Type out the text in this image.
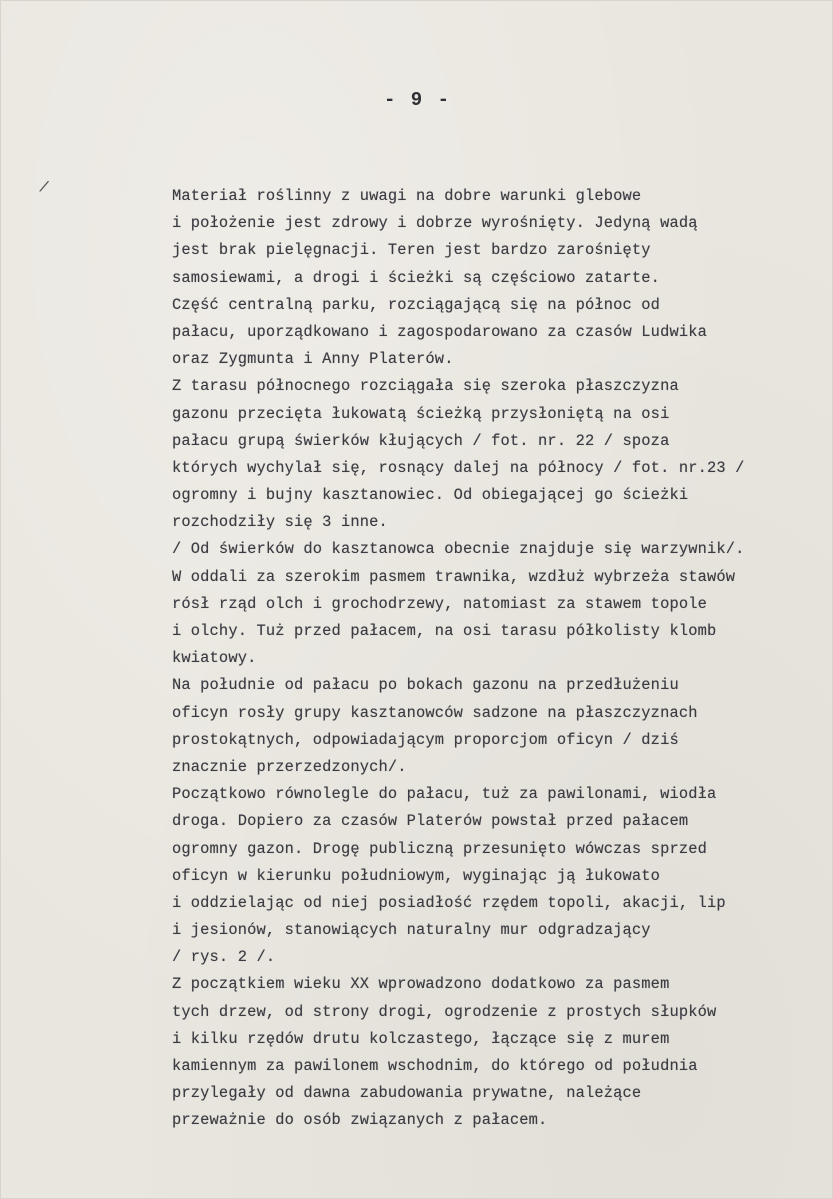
- 9 -
/	Materiał roślinny z uwagi na dobre warunki glebowe
i położenie jest zdrowy i dobrze wyrośnięty. Jedyną wadą
jest brak pielęgnacji. Teren jest bardzo zarośnięty
samosiewami, a drogi i ścieżki są częściowo zatarte.
Część centralną parku, rozciągającą się na północ od
pałacu, uporządkowano i zagospodarowano za czasów Ludwika
oraz Zygmunta i Anny Platerów.
Z tarasu północnego rozciągała się szeroka płaszczyzna
gazonu przecięta łukowatą ścieżką przysłoniętą na osi
pałacu grupą świerków kłujących / fot. nr. 22 / spoza
których wychylał się, rosnący dalej na północy / fot. nr.23 /
ogromny i bujny kasztanowiec. Od obiegającej go ścieżki
rozchodziły się 3 inne.
/ Od świerków do kasztanowca obecnie znajduje się warzywnik/.
W oddali za szerokim pasmem trawnika, wzdłuż wybrzeża stawów
rósł rząd olch i grochodrzewy, natomiast za stawem topole
i olchy. Tuż przed pałacem, na osi tarasu półkolisty klomb
kwiatowy.
Na południe od pałacu po bokach gazonu na przedłużeniu
oficyn rosły grupy kasztanowców sadzone na płaszczyznach
prostokątnych, odpowiadającym proporcjom oficyn / dziś
znacznie przerzedzonych/.
Początkowo równolegle do pałacu, tuż za pawilonami, wiodła
droga. Dopiero za czasów Platerów powstał przed pałacem
ogromny gazon. Drogę publiczną przesunięto wówczas sprzed
oficyn w kierunku południowym, wyginając ją łukowato
i oddzielając od niej posiadłość rzędem topoli, akacji, lip
i jesionów, stanowiących naturalny mur odgradzający
/ rys. 2 /.
Z początkiem wieku XX wprowadzono dodatkowo za pasmem
tych drzew, od strony drogi, ogrodzenie z prostych słupków
i kilku rzędów drutu kolczastego, łączące się z murem
kamiennym za pawilonem wschodnim, do którego od południa
przylegały od dawna zabudowania prywatne, należące
przeważnie do osób związanych z pałacem.
